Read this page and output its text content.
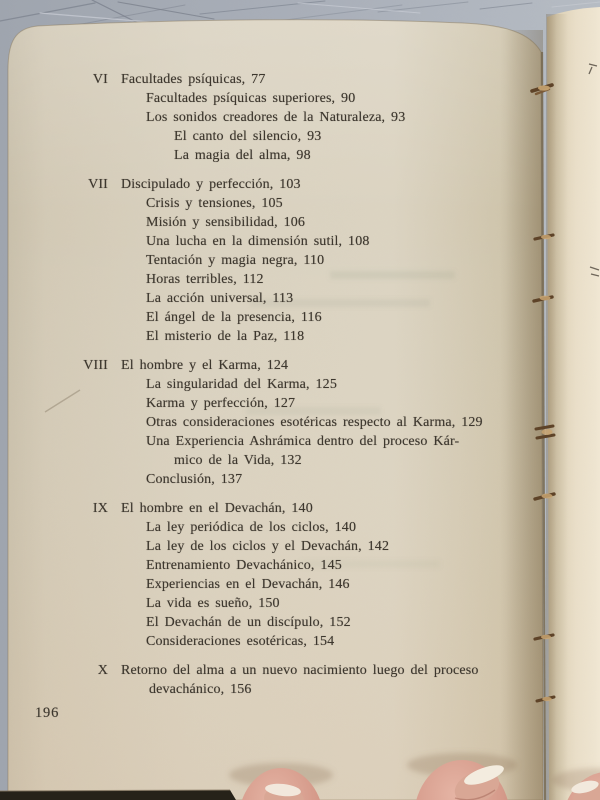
VI Facultades psíquicas, 77
Facultades psíquicas superiores, 90
Los sonidos creadores de la Naturaleza, 93
El canto del silencio, 93
La magia del alma, 98
VII Discipulado y perfección, 103
Crisis y tensiones, 105
Misión y sensibilidad, 106
Una lucha en la dimensión sutil, 108
Tentación y magia negra, 110
Horas terribles, 112
La acción universal, 113
El ángel de la presencia, 116
El misterio de la Paz, 118
VIII El hombre y el Karma, 124
La singularidad del Karma, 125
Karma y perfección, 127
Otras consideraciones esotéricas respecto al Karma, 129
Una Experiencia Ashrámica dentro del proceso Kár-
mico de la Vida, 132
Conclusión, 137
IX El hombre en el Devachán, 140
La ley periódica de los ciclos, 140
La ley de los ciclos y el Devachán, 142
Entrenamiento Devachánico, 145
Experiencias en el Devachán, 146
La vida es sueño, 150
El Devachán de un discípulo, 152
Consideraciones esotéricas, 154
X Retorno del alma a un nuevo nacimiento luego del proceso
devachánico, 156
196
